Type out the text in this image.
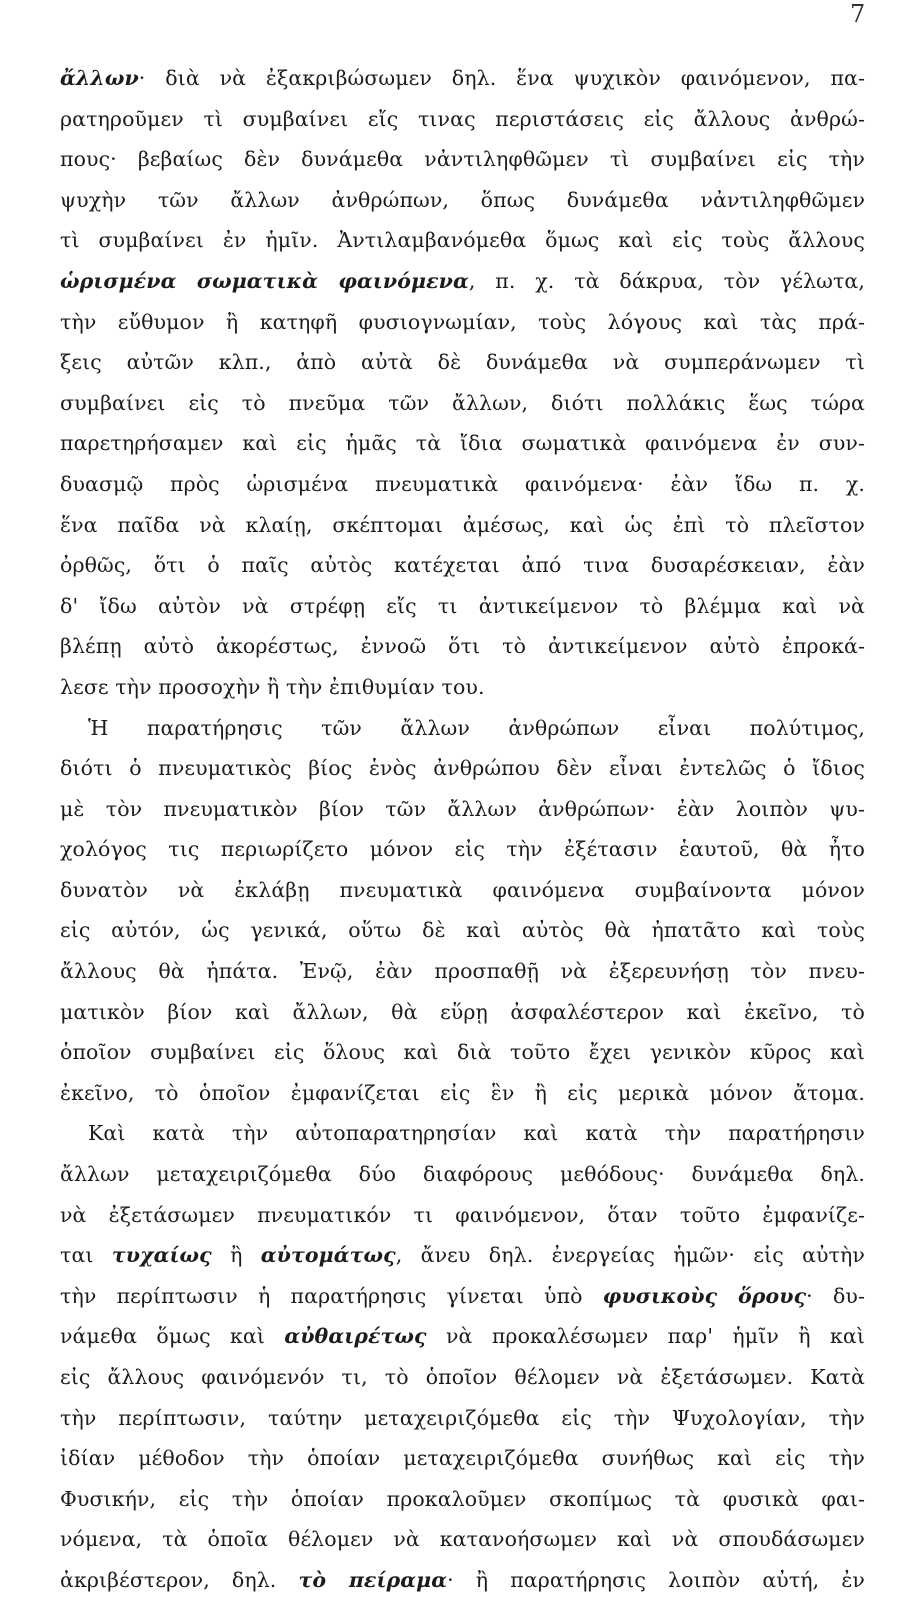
7
ἄλλων· διὰ νὰ ἐξακριβώσωμεν δηλ. ἕνα ψυχικὸν φαινόμενον, πα-
ρατηροῦμεν τὶ συμβαίνει εἴς τινας περιστάσεις εἰς ἄλλους ἀνθρώ-
πους· βεβαίως δὲν δυνάμεθα νἀντιληφθῶμεν τὶ συμβαίνει εἰς τὴν
ψυχὴν τῶν ἄλλων ἀνθρώπων, ὅπως δυνάμεθα νἀντιληφθῶμεν
τὶ συμβαίνει ἐν ἡμῖν. Ἀντιλαμβανόμεθα ὅμως καὶ εἰς τοὺς ἄλλους
ὡρισμένα σωματικὰ φαινόμενα, π. χ. τὰ δάκρυα, τὸν γέλωτα,
τὴν εὔθυμον ἢ κατηφῆ φυσιογνωμίαν, τοὺς λόγους καὶ τὰς πρά-
ξεις αὐτῶν κλπ., ἀπὸ αὐτὰ δὲ δυνάμεθα νὰ συμπεράνωμεν τὶ
συμβαίνει εἰς τὸ πνεῦμα τῶν ἄλλων, διότι πολλάκις ἕως τώρα
παρετηρήσαμεν καὶ εἰς ἡμᾶς τὰ ἴδια σωματικὰ φαινόμενα ἐν συν-
δυασμῷ πρὸς ὡρισμένα πνευματικὰ φαινόμενα· ἐὰν ἴδω π. χ.
ἕνα παῖδα νὰ κλαίῃ, σκέπτομαι ἀμέσως, καὶ ὡς ἐπὶ τὸ πλεῖστον
ὀρθῶς, ὅτι ὁ παῖς αὐτὸς κατέχεται ἀπό τινα δυσαρέσκειαν, ἐὰν
δ' ἴδω αὐτὸν νὰ στρέφῃ εἴς τι ἀντικείμενον τὸ βλέμμα καὶ νὰ
βλέπῃ αὐτὸ ἀκορέστως, ἐννοῶ ὅτι τὸ ἀντικείμενον αὐτὸ ἐπροκά-
λεσε τὴν προσοχὴν ἢ τὴν ἐπιθυμίαν του.
Ἡ παρατήρησις τῶν ἄλλων ἀνθρώπων εἶναι πολύτιμος,
διότι ὁ πνευματικὸς βίος ἑνὸς ἀνθρώπου δὲν εἶναι ἐντελῶς ὁ ἴδιος
μὲ τὸν πνευματικὸν βίον τῶν ἄλλων ἀνθρώπων· ἐὰν λοιπὸν ψυ-
χολόγος τις περιωρίζετο μόνον εἰς τὴν ἐξέτασιν ἑαυτοῦ, θὰ ἦτο
δυνατὸν νὰ ἐκλάβῃ πνευματικὰ φαινόμενα συμβαίνοντα μόνον
εἰς αὐτόν, ὡς γενικά, οὕτω δὲ καὶ αὐτὸς θὰ ἠπατᾶτο καὶ τοὺς
ἄλλους θὰ ἠπάτα. Ἐνῷ, ἐὰν προσπαθῇ νὰ ἐξερευνήσῃ τὸν πνευ-
ματικὸν βίον καὶ ἄλλων, θὰ εὕρῃ ἀσφαλέστερον καὶ ἐκεῖνο, τὸ
ὁποῖον συμβαίνει εἰς ὅλους καὶ διὰ τοῦτο ἔχει γενικὸν κῦρος καὶ
ἐκεῖνο, τὸ ὁποῖον ἐμφανίζεται εἰς ἓν ἢ εἰς μερικὰ μόνον ἄτομα.
Καὶ κατὰ τὴν αὐτοπαρατηρησίαν καὶ κατὰ τὴν παρατήρησιν
ἄλλων μεταχειριζόμεθα δύο διαφόρους μεθόδους· δυνάμεθα δηλ.
νὰ ἐξετάσωμεν πνευματικόν τι φαινόμενον, ὅταν τοῦτο ἐμφανίζε-
ται τυχαίως ἢ αὐτομάτως, ἄνευ δηλ. ἐνεργείας ἡμῶν· εἰς αὐτὴν
τὴν περίπτωσιν ἡ παρατήρησις γίνεται ὑπὸ φυσικοὺς ὅρους· δυ-
νάμεθα ὅμως καὶ αὐθαιρέτως νὰ προκαλέσωμεν παρ' ἡμῖν ἢ καὶ
εἰς ἄλλους φαινόμενόν τι, τὸ ὁποῖον θέλομεν νὰ ἐξετάσωμεν. Κατὰ
τὴν περίπτωσιν, ταύτην μεταχειριζόμεθα εἰς τὴν Ψυχολογίαν, τὴν
ἰδίαν μέθοδον τὴν ὁποίαν μεταχειριζόμεθα συνήθως καὶ εἰς τὴν
Φυσικήν, εἰς τὴν ὁποίαν προκαλοῦμεν σκοπίμως τὰ φυσικὰ φαι-
νόμενα, τὰ ὁποῖα θέλομεν νὰ κατανοήσωμεν καὶ νὰ σπουδάσωμεν
ἀκριβέστερον, δηλ. τὸ πείραμα· ἢ παρατήρησις λοιπὸν αὐτή, ἐν
